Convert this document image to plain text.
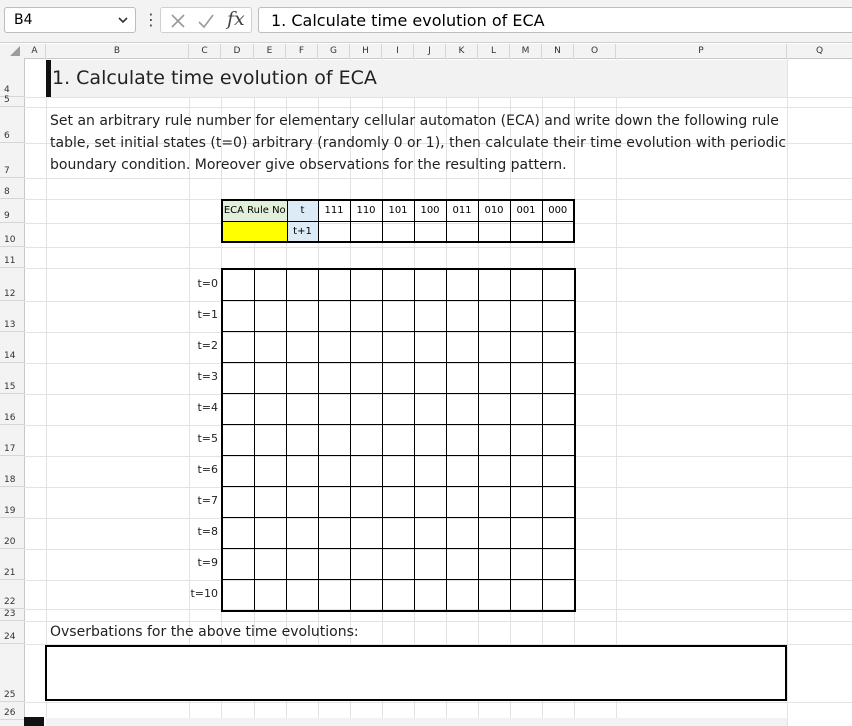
B4	⋮	fx 1. Calculate time evolution of ECA
A	B	C	D	E	F	G	H	I	J	K	L	M	N	O	P	Q
4
5
6
7
8
9
10
11
12
13
14
15
16
17
18
19
20
21
22
23
24
25
26
1. Calculate time evolution of ECA
Set an arbitrary rule number for elementary cellular automaton (ECA) and write down the following rule table, set initial states (t=0) arbitrary (randomly 0 or 1), then calculate their time evolution with periodic boundary condition. Moreover give observations for the resulting pattern.
ECA Rule No	t	111	110	101	100	011	010	001	000
	t+1								
t=0
t=1
t=2
t=3
t=4
t=5
t=6
t=7
t=8
t=9
t=10

Ovserbations for the above time evolutions:
